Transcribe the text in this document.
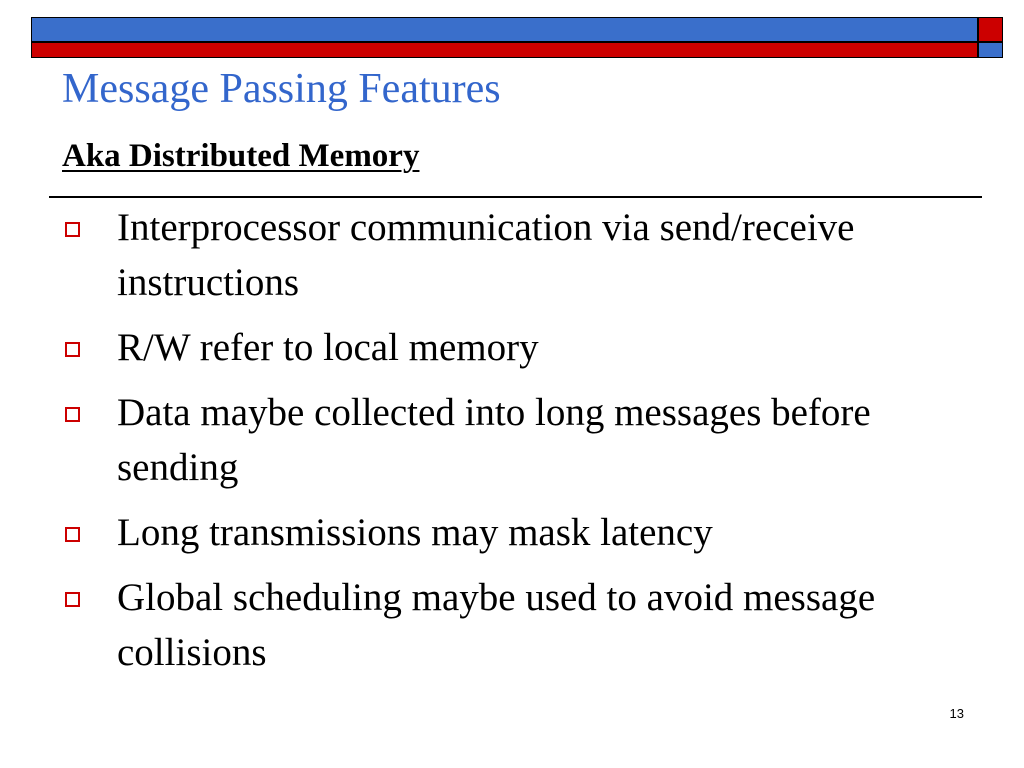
Message Passing Features
Aka Distributed Memory
Interprocessor communication via send/receive instructions
R/W refer to local memory
Data maybe collected into long messages before sending
Long transmissions may mask latency
Global scheduling maybe used to avoid message collisions
13
